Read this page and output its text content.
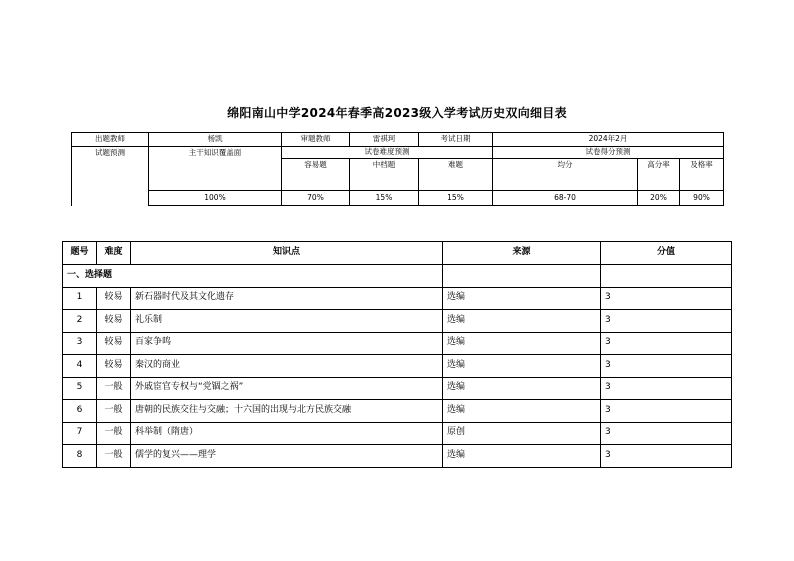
绵阳南山中学2024年春季高2023级入学考试历史双向细目表
出题教师	杨凯	审题教师	雷祺珂	考试日期	2024年2月		
试题预测	主干知识覆盖面	试卷难度预测			试卷得分预测		
		容易题	中档题	难题	均分	高分率	及格率
	100%	70%	15%	15%	68-70	20%	90%
题号	难度	知识点	来源	分值
一、选择题				
1	较易	新石器时代及其文化遗存	选编	3
2	较易	礼乐制	选编	3
3	较易	百家争鸣	选编	3
4	较易	秦汉的商业	选编	3
5	一般	外戚宦官专权与“党锢之祸”	选编	3
6	一般	唐朝的民族交往与交融；十六国的出现与北方民族交融	选编	3
7	一般	科举制（隋唐）	原创	3
8	一般	儒学的复兴——理学	选编	3
